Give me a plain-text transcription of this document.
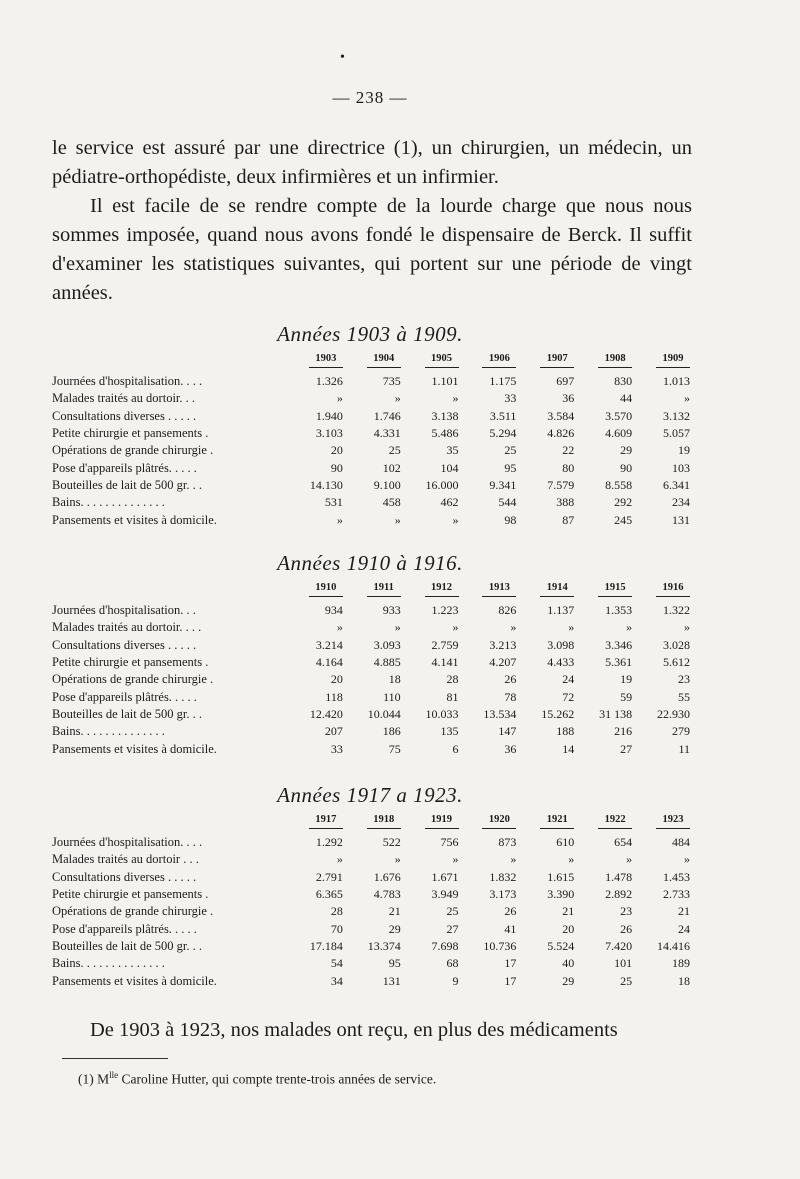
•
— 238 —

le service est assuré par une directrice (1), un chirurgien, un médecin, un pédiatre-orthopédiste, deux infirmières et un infirmier.

Il est facile de se rendre compte de la lourde charge que nous nous sommes imposée, quand nous avons fondé le dispensaire de Berck. Il suffit d'examiner les statistiques suivantes, qui portent sur une période de vingt années.

Années 1903 à 1909.
	1903	1904	1905	1906	1907	1908	1909

Journées d'hospitalisation. . . .	1.326	735	1.101	1.175	697	830	1.013
Malades traités au dortoir. . .	»	»	»	33	36	44	»
Consultations diverses . . . . .	1.940	1.746	3.138	3.511	3.584	3.570	3.132
Petite chirurgie et pansements .	3.103	4.331	5.486	5.294	4.826	4.609	5.057
Opérations de grande chirurgie .	20	25	35	25	22	29	19
Pose d'appareils plâtrés. . . . .	90	102	104	95	80	90	103
Bouteilles de lait de 500 gr. . .	14.130	9.100	16.000	9.341	7.579	8.558	6.341
Bains. . . . . . . . . . . . . .	531	458	462	544	388	292	234
Pansements et visites à domicile.	»	»	»	98	87	245	131
Années 1910 à 1916.
	1910	1911	1912	1913	1914	1915	1916

Journées d'hospitalisation. . .	934	933	1.223	826	1.137	1.353	1.322
Malades traités au dortoir. . . .	»	»	»	»	»	»	»
Consultations diverses . . . . .	3.214	3.093	2.759	3.213	3.098	3.346	3.028
Petite chirurgie et pansements .	4.164	4.885	4.141	4.207	4.433	5.361	5.612
Opérations de grande chirurgie .	20	18	28	26	24	19	23
Pose d'appareils plâtrés. . . . .	118	110	81	78	72	59	55
Bouteilles de lait de 500 gr. . .	12.420	10.044	10.033	13.534	15.262	31 138	22.930
Bains. . . . . . . . . . . . . .	207	186	135	147	188	216	279
Pansements et visites à domicile.	33	75	6	36	14	27	11
Années 1917 a 1923.
	1917	1918	1919	1920	1921	1922	1923

Journées d'hospitalisation. . . .	1.292	522	756	873	610	654	484
Malades traités au dortoir . . .	»	»	»	»	»	»	»
Consultations diverses . . . . .	2.791	1.676	1.671	1.832	1.615	1.478	1.453
Petite chirurgie et pansements .	6.365	4.783	3.949	3.173	3.390	2.892	2.733
Opérations de grande chirurgie .	28	21	25	26	21	23	21
Pose d'appareils plâtrés. . . . .	70	29	27	41	20	26	24
Bouteilles de lait de 500 gr. . .	17.184	13.374	7.698	10.736	5.524	7.420	14.416
Bains. . . . . . . . . . . . . .	54	95	68	17	40	101	189
Pansements et visites à domicile.	34	131	9	17	29	25	18

De 1903 à 1923, nos malades ont reçu, en plus des médicaments

(1) $M^{lle}$ Caroline Hutter, qui compte trente-trois années de service.
